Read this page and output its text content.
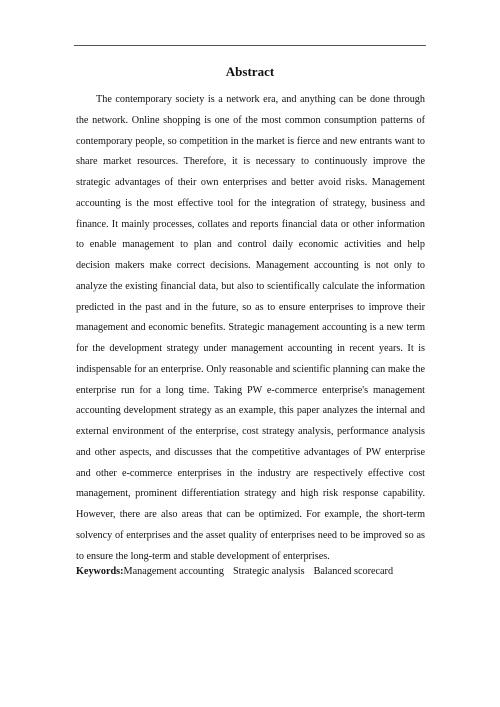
Abstract

The contemporary society is a network era, and anything can be done through the network. Online shopping is one of the most common consumption patterns of contemporary people, so competition in the market is fierce and new entrants want to share market resources. Therefore, it is necessary to continuously improve the strategic advantages of their own enterprises and better avoid risks. Management accounting is the most effective tool for the integration of strategy, business and finance. It mainly processes, collates and reports financial data or other information to enable management to plan and control daily economic activities and help decision makers make correct decisions. Management accounting is not only to analyze the existing financial data, but also to scientifically calculate the information predicted in the past and in the future, so as to ensure enterprises to improve their management and economic benefits. Strategic management accounting is a new term for the development strategy under management accounting in recent years. It is indispensable for an enterprise. Only reasonable and scientific planning can make the enterprise run for a long time. Taking PW e-commerce enterprise's management accounting development strategy as an example, this paper analyzes the internal and external environment of the enterprise, cost strategy analysis, performance analysis and other aspects, and discusses that the competitive advantages of PW enterprise and other e-commerce enterprises in the industry are respectively effective cost management, prominent differentiation strategy and high risk response capability. However, there are also areas that can be optimized. For example, the short-term solvency of enterprises and the asset quality of enterprises need to be improved so as to ensure the long-term and stable development of enterprises.

Keywords:Management accounting Strategic analysis Balanced scorecard
